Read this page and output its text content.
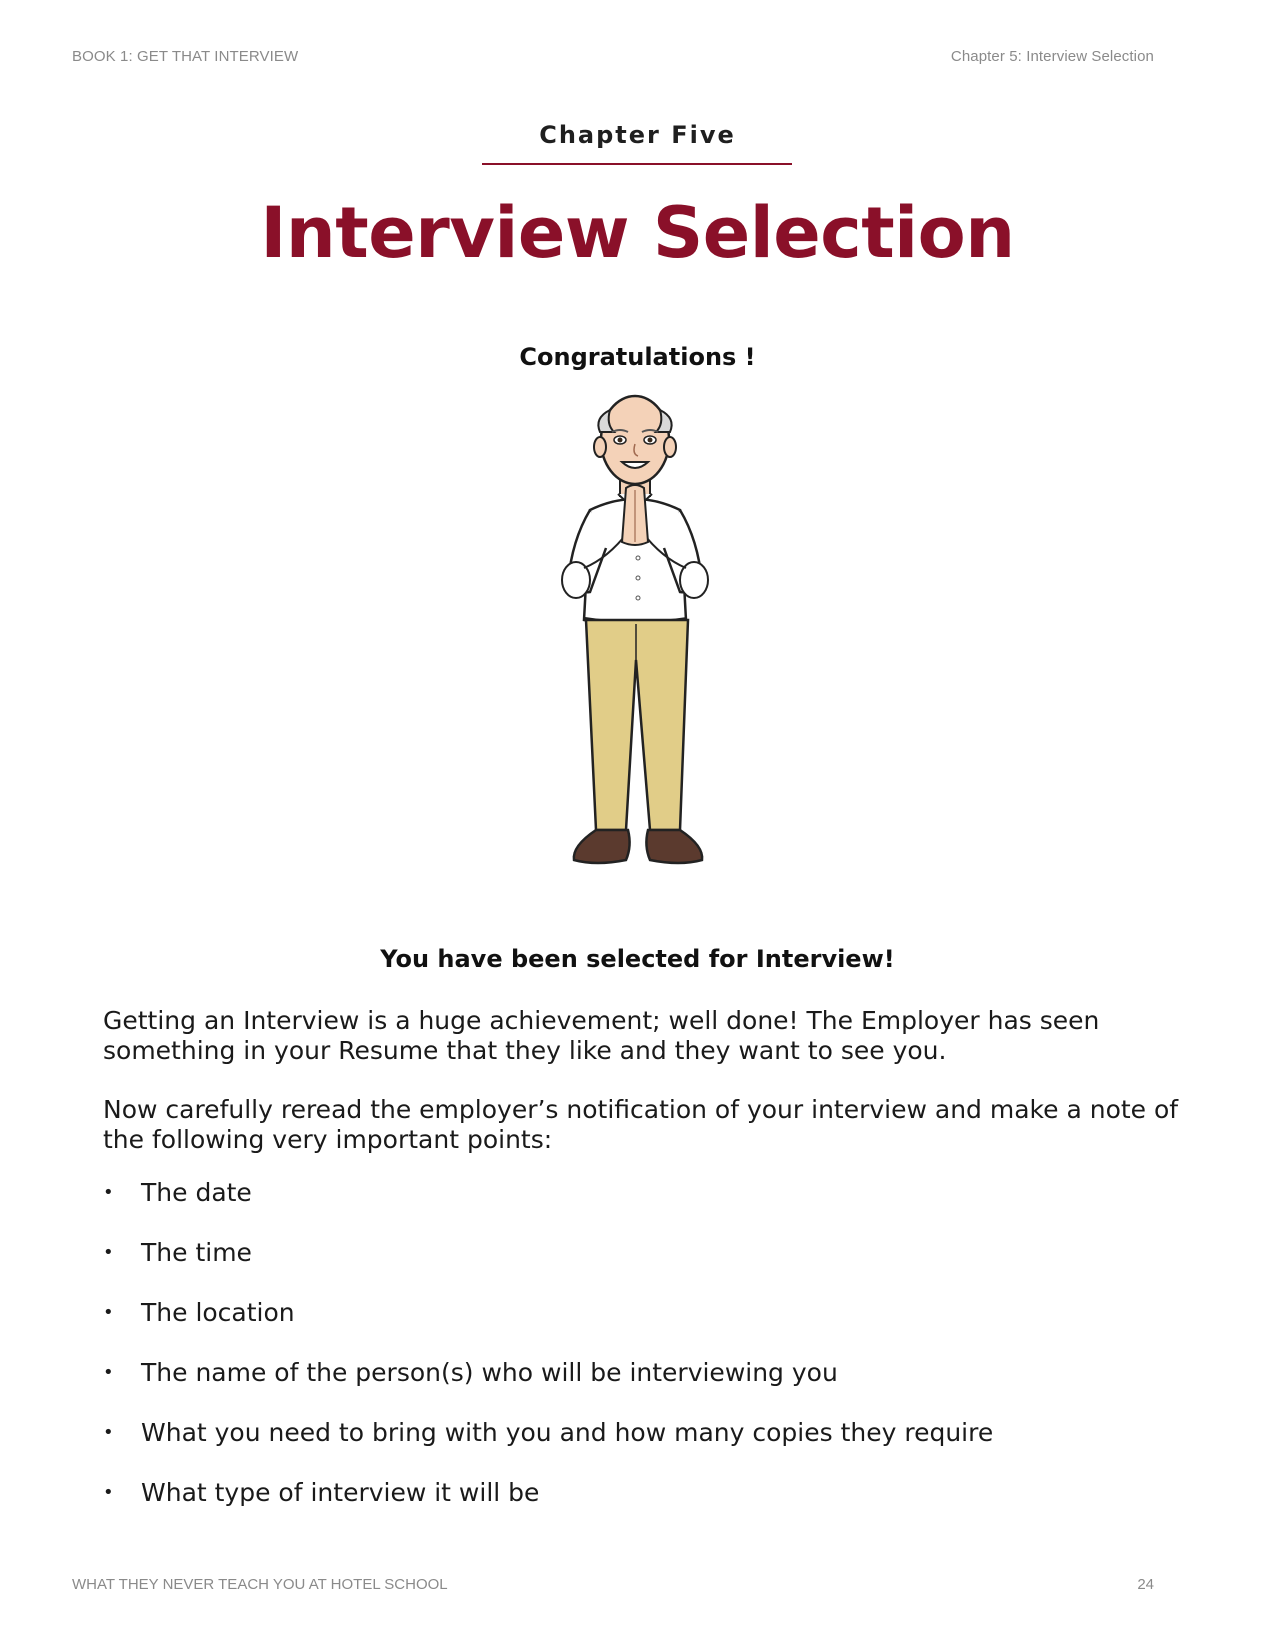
BOOK 1: GET THAT INTERVIEW	Chapter 5: Interview Selection
Chapter Five
Interview Selection
Congratulations !
You have been selected for Interview!

Getting an Interview is a huge achievement; well done! The Employer has seen something in your Resume that they like and they want to see you.

Now carefully reread the employer’s notification of your interview and make a note of the following very important points:

• The date
• The time
• The location
• The name of the person(s) who will be interviewing you
• What you need to bring with you and how many copies they require
• What type of interview it will be
WHAT THEY NEVER TEACH YOU AT HOTEL SCHOOL	24
